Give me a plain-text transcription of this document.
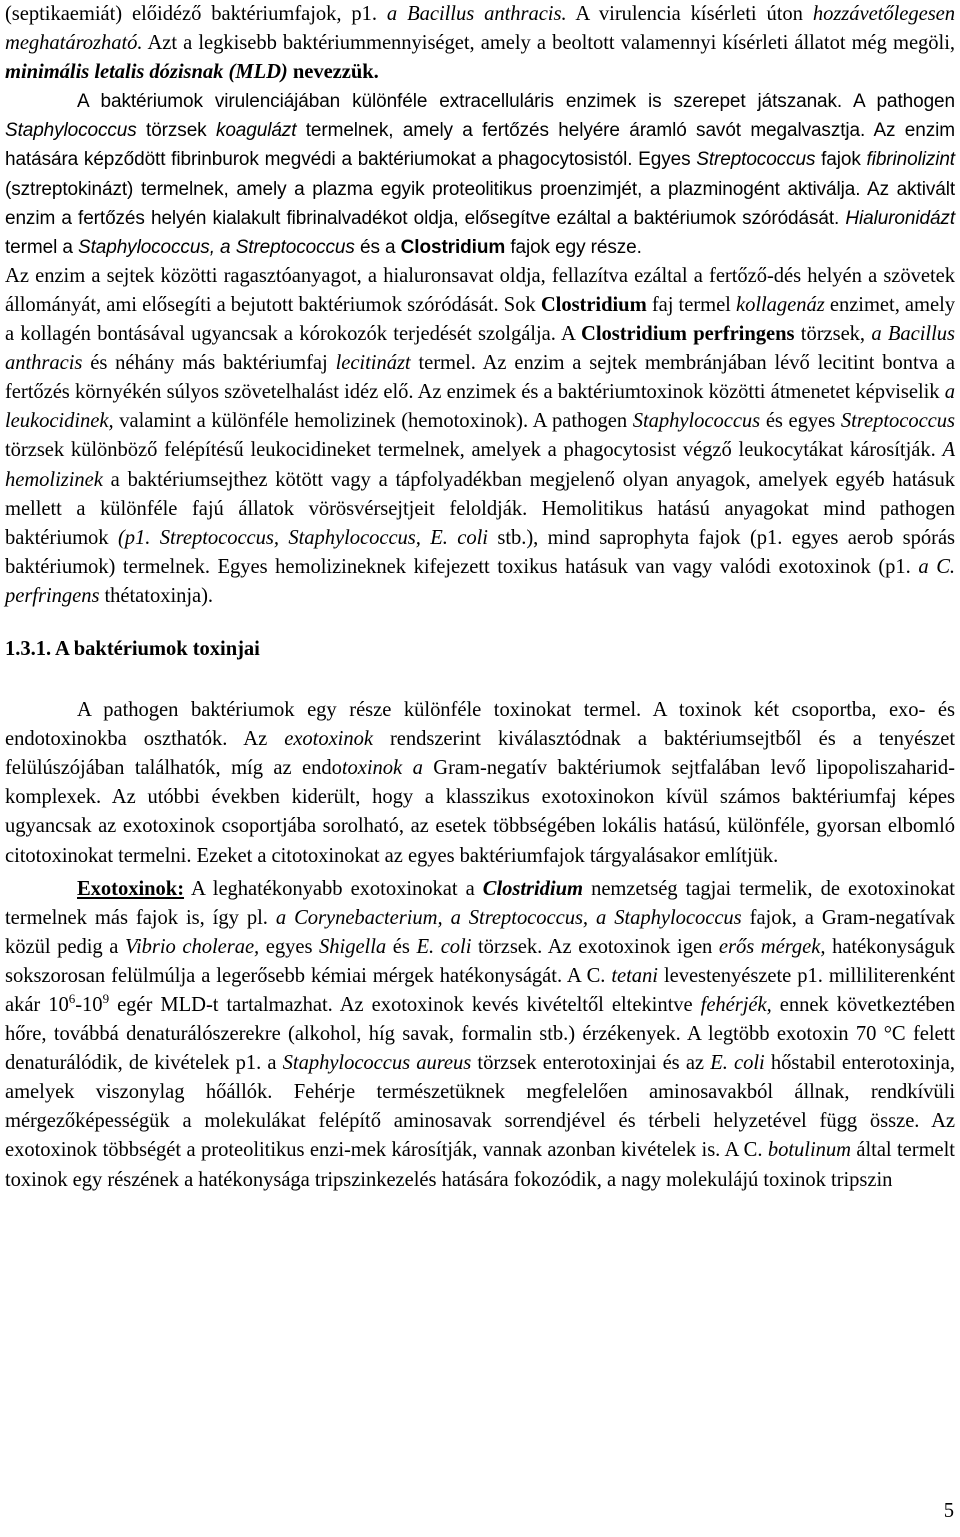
(septikaemiát) előidéző baktériumfajok, p1. a Bacillus anthracis. A virulencia kísérleti úton hozzávetőlegesen meghatározható. Azt a legkisebb baktériummennyiséget, amely a beoltott valamennyi kísérleti állatot még megöli, minimális letalis dózisnak (MLD) nevezzük.

A baktériumok virulenciájában különféle extracelluláris enzimek is szerepet játszanak. A pathogen Staphylococcus törzsek koagulázt termelnek, amely a fertőzés helyére áramló savót megalvasztja. Az enzim hatására képződött fibrinburok megvédi a baktériumokat a phagocytosistól. Egyes Streptococcus fajok fibrinolizint (sztreptokinázt) termelnek, amely a plazma egyik proteolitikus proenzimjét, a plazminogént aktiválja. Az aktivált enzim a fertőzés helyén kialakult fibrinalvadékot oldja, elősegítve ezáltal a baktériumok szóródását. Hialuronidázt termel a Staphylococcus, a Streptococcus és a Clostridium fajok egy része.

Az enzim a sejtek közötti ragasztóanyagot, a hialuronsavat oldja, fellazítva ezáltal a fertőző-dés helyén a szövetek állományát, ami elősegíti a bejutott baktériumok szóródását. Sok Clostridium faj termel kollagenáz enzimet, amely a kollagén bontásával ugyancsak a kórokozók terjedését szolgálja. A Clostridium perfringens törzsek, a Bacillus anthracis és néhány más baktériumfaj lecitinázt termel. Az enzim a sejtek membránjában lévő lecitint bontva a fertőzés környékén súlyos szövetelhalást idéz elő. Az enzimek és a baktériumtoxinok közötti átmenetet képviselik a leukocidinek, valamint a különféle hemolizinek (hemotoxinok). A pathogen Staphylococcus és egyes Streptococcus törzsek különböző felépítésű leukocidineket termelnek, amelyek a phagocytosist végző leukocytákat károsítják. A hemolizinek a baktériumsejthez kötött vagy a tápfolyadékban megjelenő olyan anyagok, amelyek egyéb hatásuk mellett a különféle fajú állatok vörösvérsejtjeit feloldják. Hemolitikus hatású anyagokat mind pathogen baktériumok (p1. Streptococcus, Staphylococcus, E. coli stb.), mind saprophyta fajok (p1. egyes aerob spórás baktériumok) termelnek. Egyes hemolizineknek kifejezett toxikus hatásuk van vagy valódi exotoxinok (p1. a C. perfringens thétatoxinja).

1.3.1. A baktériumok toxinjai

A pathogen baktériumok egy része különféle toxinokat termel. A toxinok két csoportba, exo- és endotoxinokba oszthatók. Az exotoxinok rendszerint kiválasztódnak a baktériumsejtből és a tenyészet felülúszójában találhatók, míg az endotoxinok a Gram-negatív baktériumok sejtfalában levő lipopoliszaharid-komplexek. Az utóbbi években kiderült, hogy a klasszikus exotoxinokon kívül számos baktériumfaj képes ugyancsak az exotoxinok csoportjába sorolható, az esetek többségében lokális hatású, különféle, gyorsan elbomló citotoxinokat termelni. Ezeket a citotoxinokat az egyes baktériumfajok tárgyalásakor említjük.

Exotoxinok: A leghatékonyabb exotoxinokat a Clostridium nemzetség tagjai termelik, de exotoxinokat termelnek más fajok is, így pl. a Corynebacterium, a Streptococcus, a Staphylococcus fajok, a Gram-negatívak közül pedig a Vibrio cholerae, egyes Shigella és E. coli törzsek. Az exotoxinok igen erős mérgek, hatékonyságuk sokszorosan felülmúlja a legerősebb kémiai mérgek hatékonyságát. A C. tetani levestenyészete p1. milliliterenként akár $10^6-10^9$ egér MLD-t tartalmazhat. Az exotoxinok kevés kivételtől eltekintve fehérjék, ennek következtében hőre, továbbá denaturálószerekre (alkohol, híg savak, formalin stb.) érzékenyek. A legtöbb exotoxin 70 °C felett denaturálódik, de kivételek p1. a Staphylococcus aureus törzsek enterotoxinjai és az E. coli hőstabil enterotoxinja, amelyek viszonylag hőállók. Fehérje természetüknek megfelelően aminosavakból állnak, rendkívüli mérgezőképességük a molekulákat felépítő aminosavak sorrendjével és térbeli helyzetével függ össze. Az exotoxinok többségét a proteolitikus enzi-mek károsítják, vannak azonban kivételek is. A C. botulinum által termelt toxinok egy részének a hatékonysága tripszinkezelés hatására fokozódik, a nagy molekulájú toxinok tripszin

5
